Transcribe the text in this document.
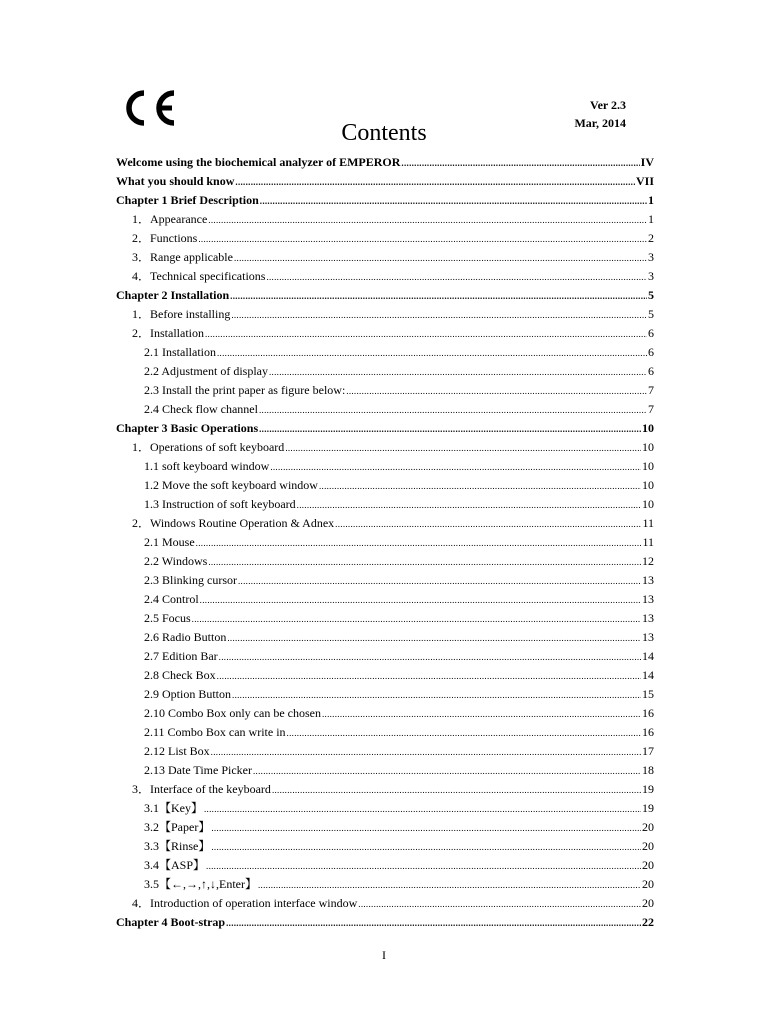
Ver 2.3
Mar, 2014
Contents
Welcome using the biochemical analyzer of EMPEROR .....	IV
What you should know .....	VII
Chapter 1 Brief Description .....	1
1．Appearance .....	1
2．Functions .....	2
3．Range applicable .....	3
4．Technical specifications .....	3
Chapter 2 Installation .....	5
1．Before installing .....	5
2．Installation .....	6
2.1 Installation .....	6
2.2 Adjustment of display .....	6
2.3 Install the print paper as figure below: .....	7
2.4 Check flow channel .....	7
Chapter 3 Basic Operations .....	10
1．Operations of soft keyboard .....	10
1.1 soft keyboard window .....	10
1.2 Move the soft keyboard window .....	10
1.3 Instruction of soft keyboard .....	10
2．Windows Routine Operation & Adnex .....	11
2.1 Mouse .....	11
2.2 Windows .....	12
2.3 Blinking cursor .....	13
2.4 Control .....	13
2.5 Focus .....	13
2.6 Radio Button .....	13
2.7 Edition Bar .....	14
2.8 Check Box .....	14
2.9 Option Button .....	15
2.10 Combo Box only can be chosen .....	16
2.11 Combo Box can write in .....	16
2.12 List Box .....	17
2.13 Date Time Picker .....	18
3．Interface of the keyboard .....	19
3.1【Key】 .....	19
3.2【Paper】 .....	20
3.3【Rinse】 .....	20
3.4【ASP】 .....	20
3.5【←,→,↑,↓,Enter】 .....	20
4．Introduction of operation interface window .....	20
Chapter 4 Boot-strap .....	22
I
